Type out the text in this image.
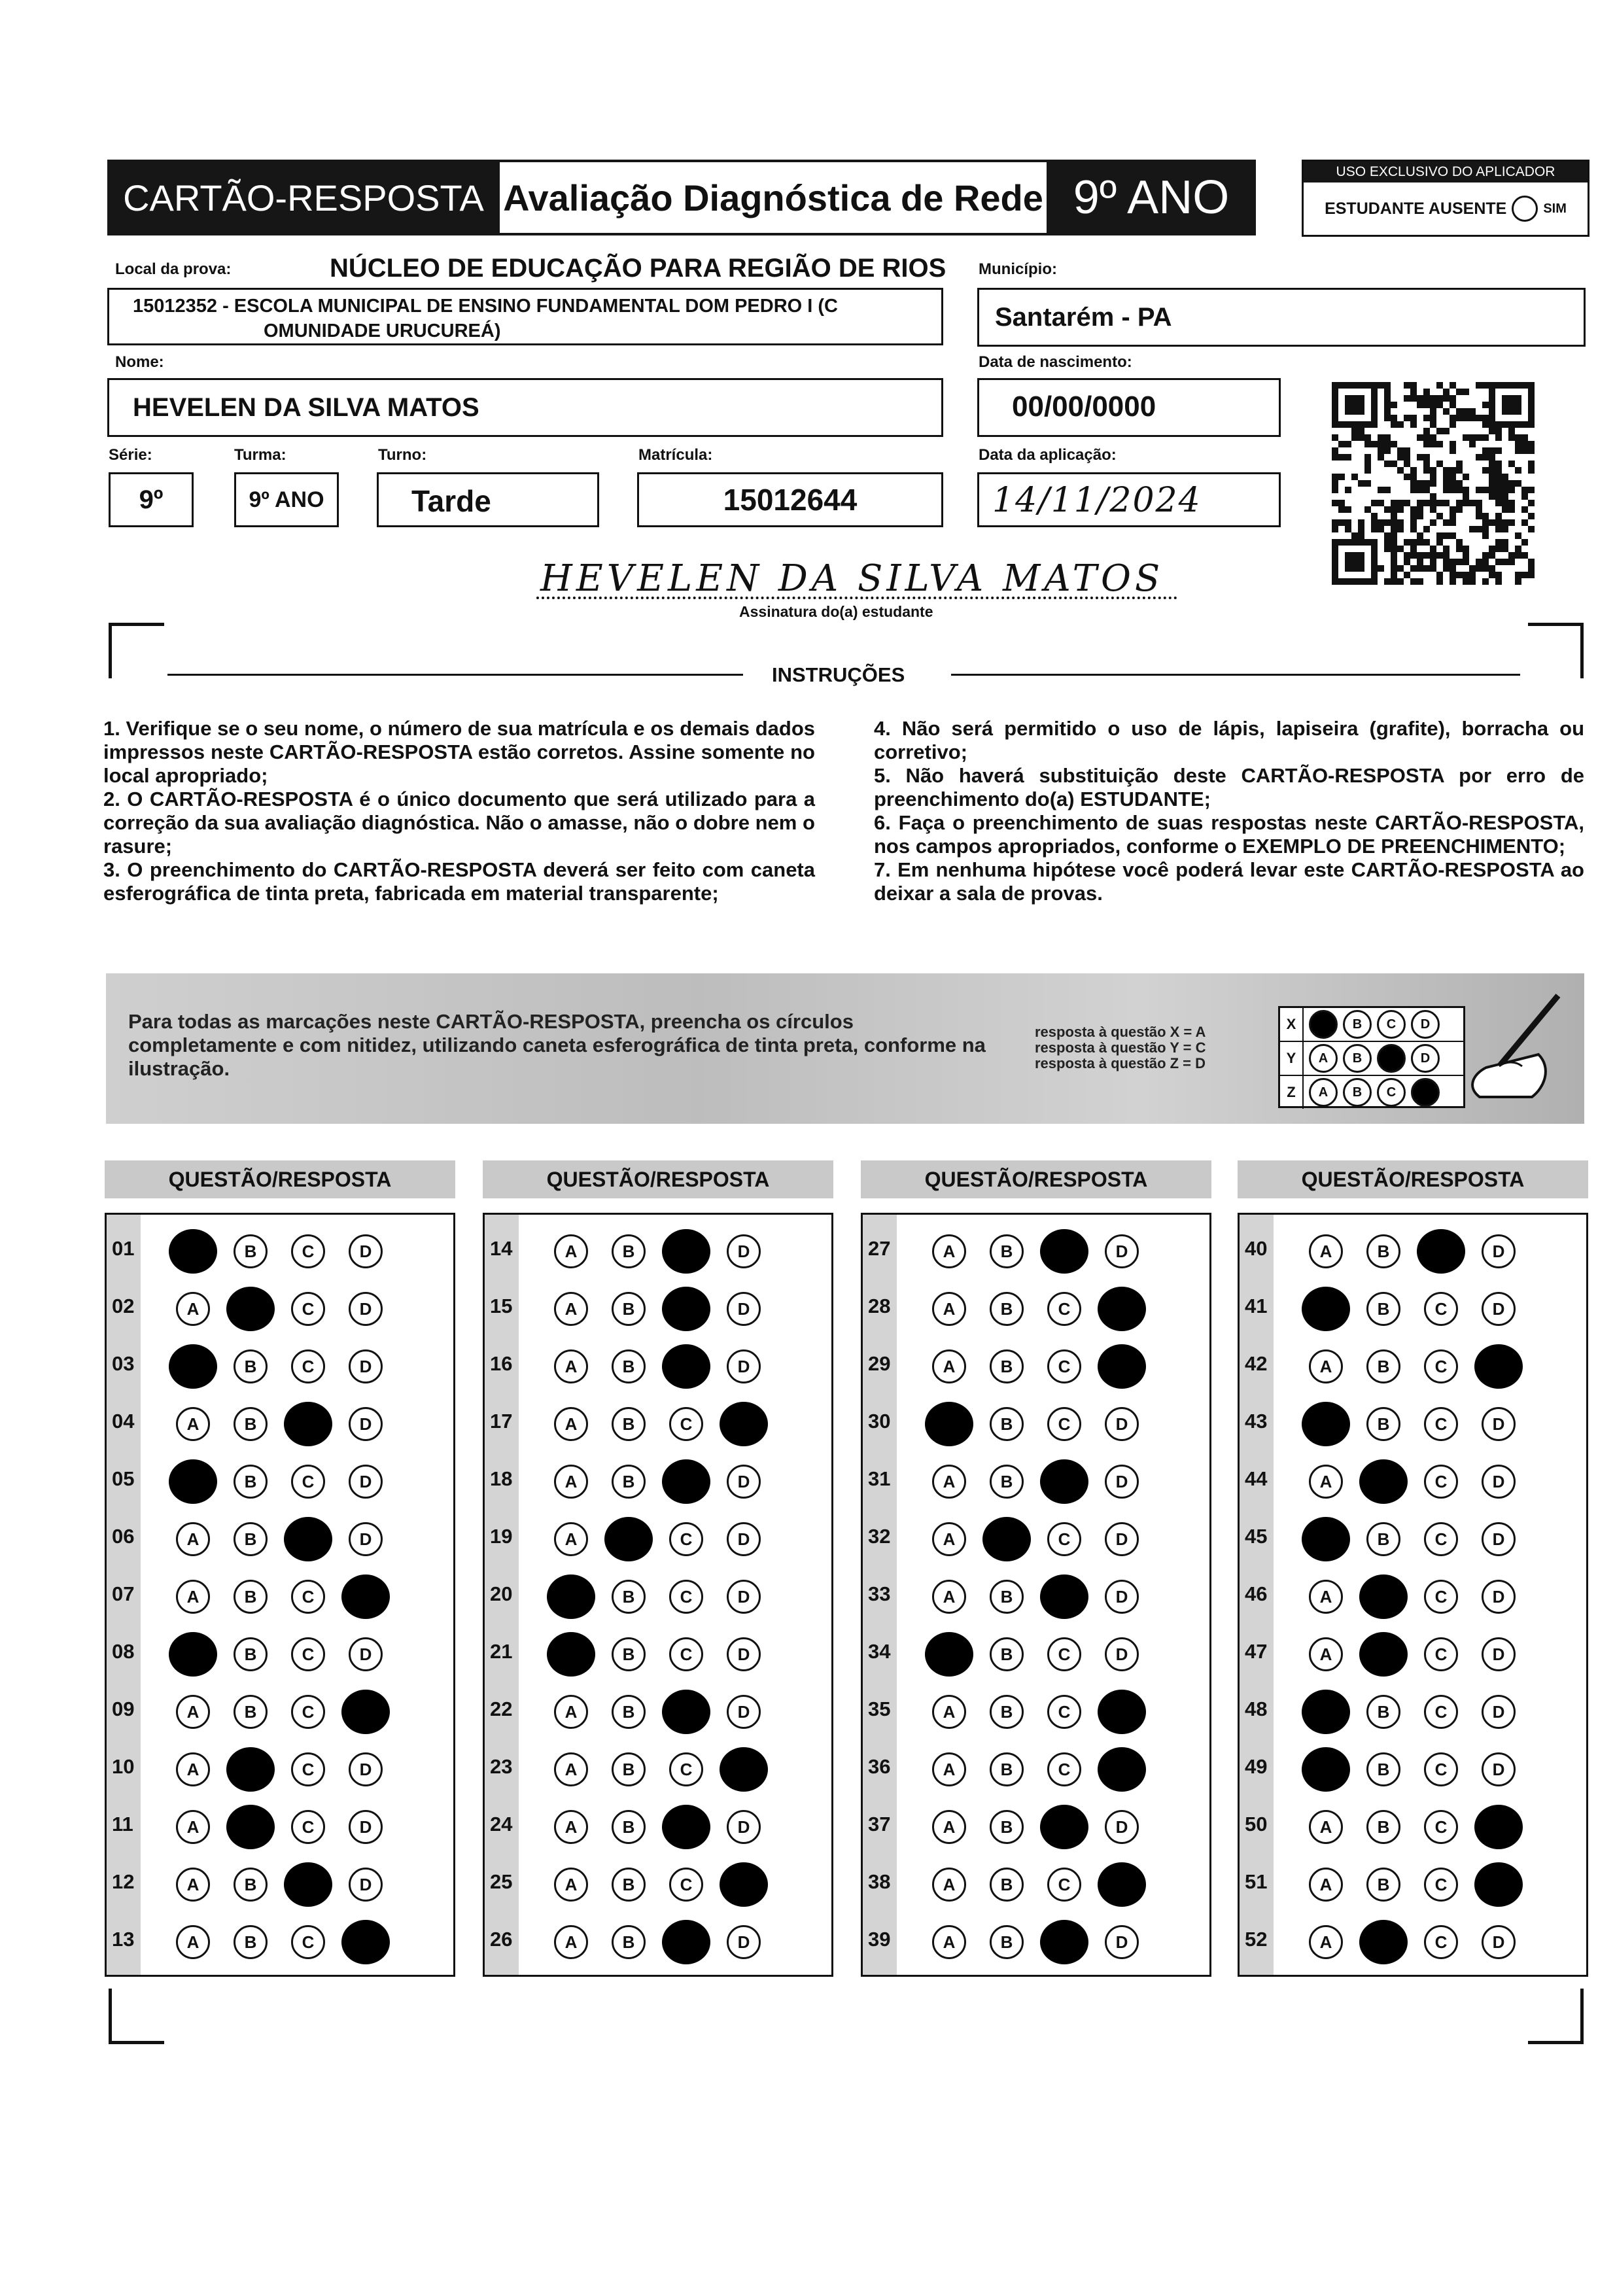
CARTÃO-RESPOSTA Avaliação Diagnóstica de Rede 9º ANO	USO EXCLUSIVO DO APLICADOR
ESTUDANTE AUSENTE	SIM
Local da prova:	NÚCLEO DE EDUCAÇÃO PARA REGIÃO DE RIOS
15012352 - ESCOLA MUNICIPAL DE ENSINO FUNDAMENTAL DOM PEDRO I (C
OMUNIDADE URUCUREÁ)
Município:
Santarém - PA
Nome:
HEVELEN DA SILVA MATOS
Data de nascimento:
00/00/0000
Série:
9º
Turma:
9º ANO
Turno:
Tarde
Matrícula:
15012644
Data da aplicação:
14/11/2024
HEVELEN DA SILVA MATOS
Assinatura do(a) estudante
INSTRUÇÕES

1. Verifique se o seu nome, o número de sua matrícula e os demais dados impressos neste CARTÃO-RESPOSTA estão corretos. Assine somente no local apropriado;

2. O CARTÃO-RESPOSTA é o único documento que será utilizado para a correção da sua avaliação diagnóstica. Não o amasse, não o dobre nem o rasure;

3. O preenchimento do CARTÃO-RESPOSTA deverá ser feito com caneta esferográfica de tinta preta, fabricada em material transparente;

4. Não será permitido o uso de lápis, lapiseira (grafite), borracha ou corretivo;

5. Não haverá substituição deste CARTÃO-RESPOSTA por erro de preenchimento do(a) ESTUDANTE;

6. Faça o preenchimento de suas respostas neste CARTÃO-RESPOSTA, nos campos apropriados, conforme o EXEMPLO DE PREENCHIMENTO;

7. Em nenhuma hipótese você poderá levar este CARTÃO-RESPOSTA ao deixar a sala de provas.

Para todas as marcações neste CARTÃO-RESPOSTA, preencha os círculos completamente e com nitidez, utilizando caneta esferográfica de tinta preta, conforme na ilustração.
resposta à questão X = A
resposta à questão Y = C
resposta à questão Z = D
X	B	C	D
Y	A	B	D
Z	A	B	C
QUESTÃO/RESPOSTA
01	A	B	C	D
02	A	B	C	D
03	A	B	C	D
04	A	B	C	D
05	A	B	C	D
06	A	B	C	D
07	A	B	C	D
08	A	B	C	D
09	A	B	C	D
10	A	B	C	D
11	A	B	C	D
12	A	B	C	D
13	A	B	C	D
QUESTÃO/RESPOSTA
14	A	B	C	D
15	A	B	C	D
16	A	B	C	D
17	A	B	C	D
18	A	B	C	D
19	A	B	C	D
20	A	B	C	D
21	A	B	C	D
22	A	B	C	D
23	A	B	C	D
24	A	B	C	D
25	A	B	C	D
26	A	B	C	D
QUESTÃO/RESPOSTA
27	A	B	C	D
28	A	B	C	D
29	A	B	C	D
30	A	B	C	D
31	A	B	C	D
32	A	B	C	D
33	A	B	C	D
34	A	B	C	D
35	A	B	C	D
36	A	B	C	D
37	A	B	C	D
38	A	B	C	D
39	A	B	C	D
QUESTÃO/RESPOSTA
40	A	B	C	D
41	A	B	C	D
42	A	B	C	D
43	A	B	C	D
44	A	B	C	D
45	A	B	C	D
46	A	B	C	D
47	A	B	C	D
48	A	B	C	D
49	A	B	C	D
50	A	B	C	D
51	A	B	C	D
52	A	B	C	D
